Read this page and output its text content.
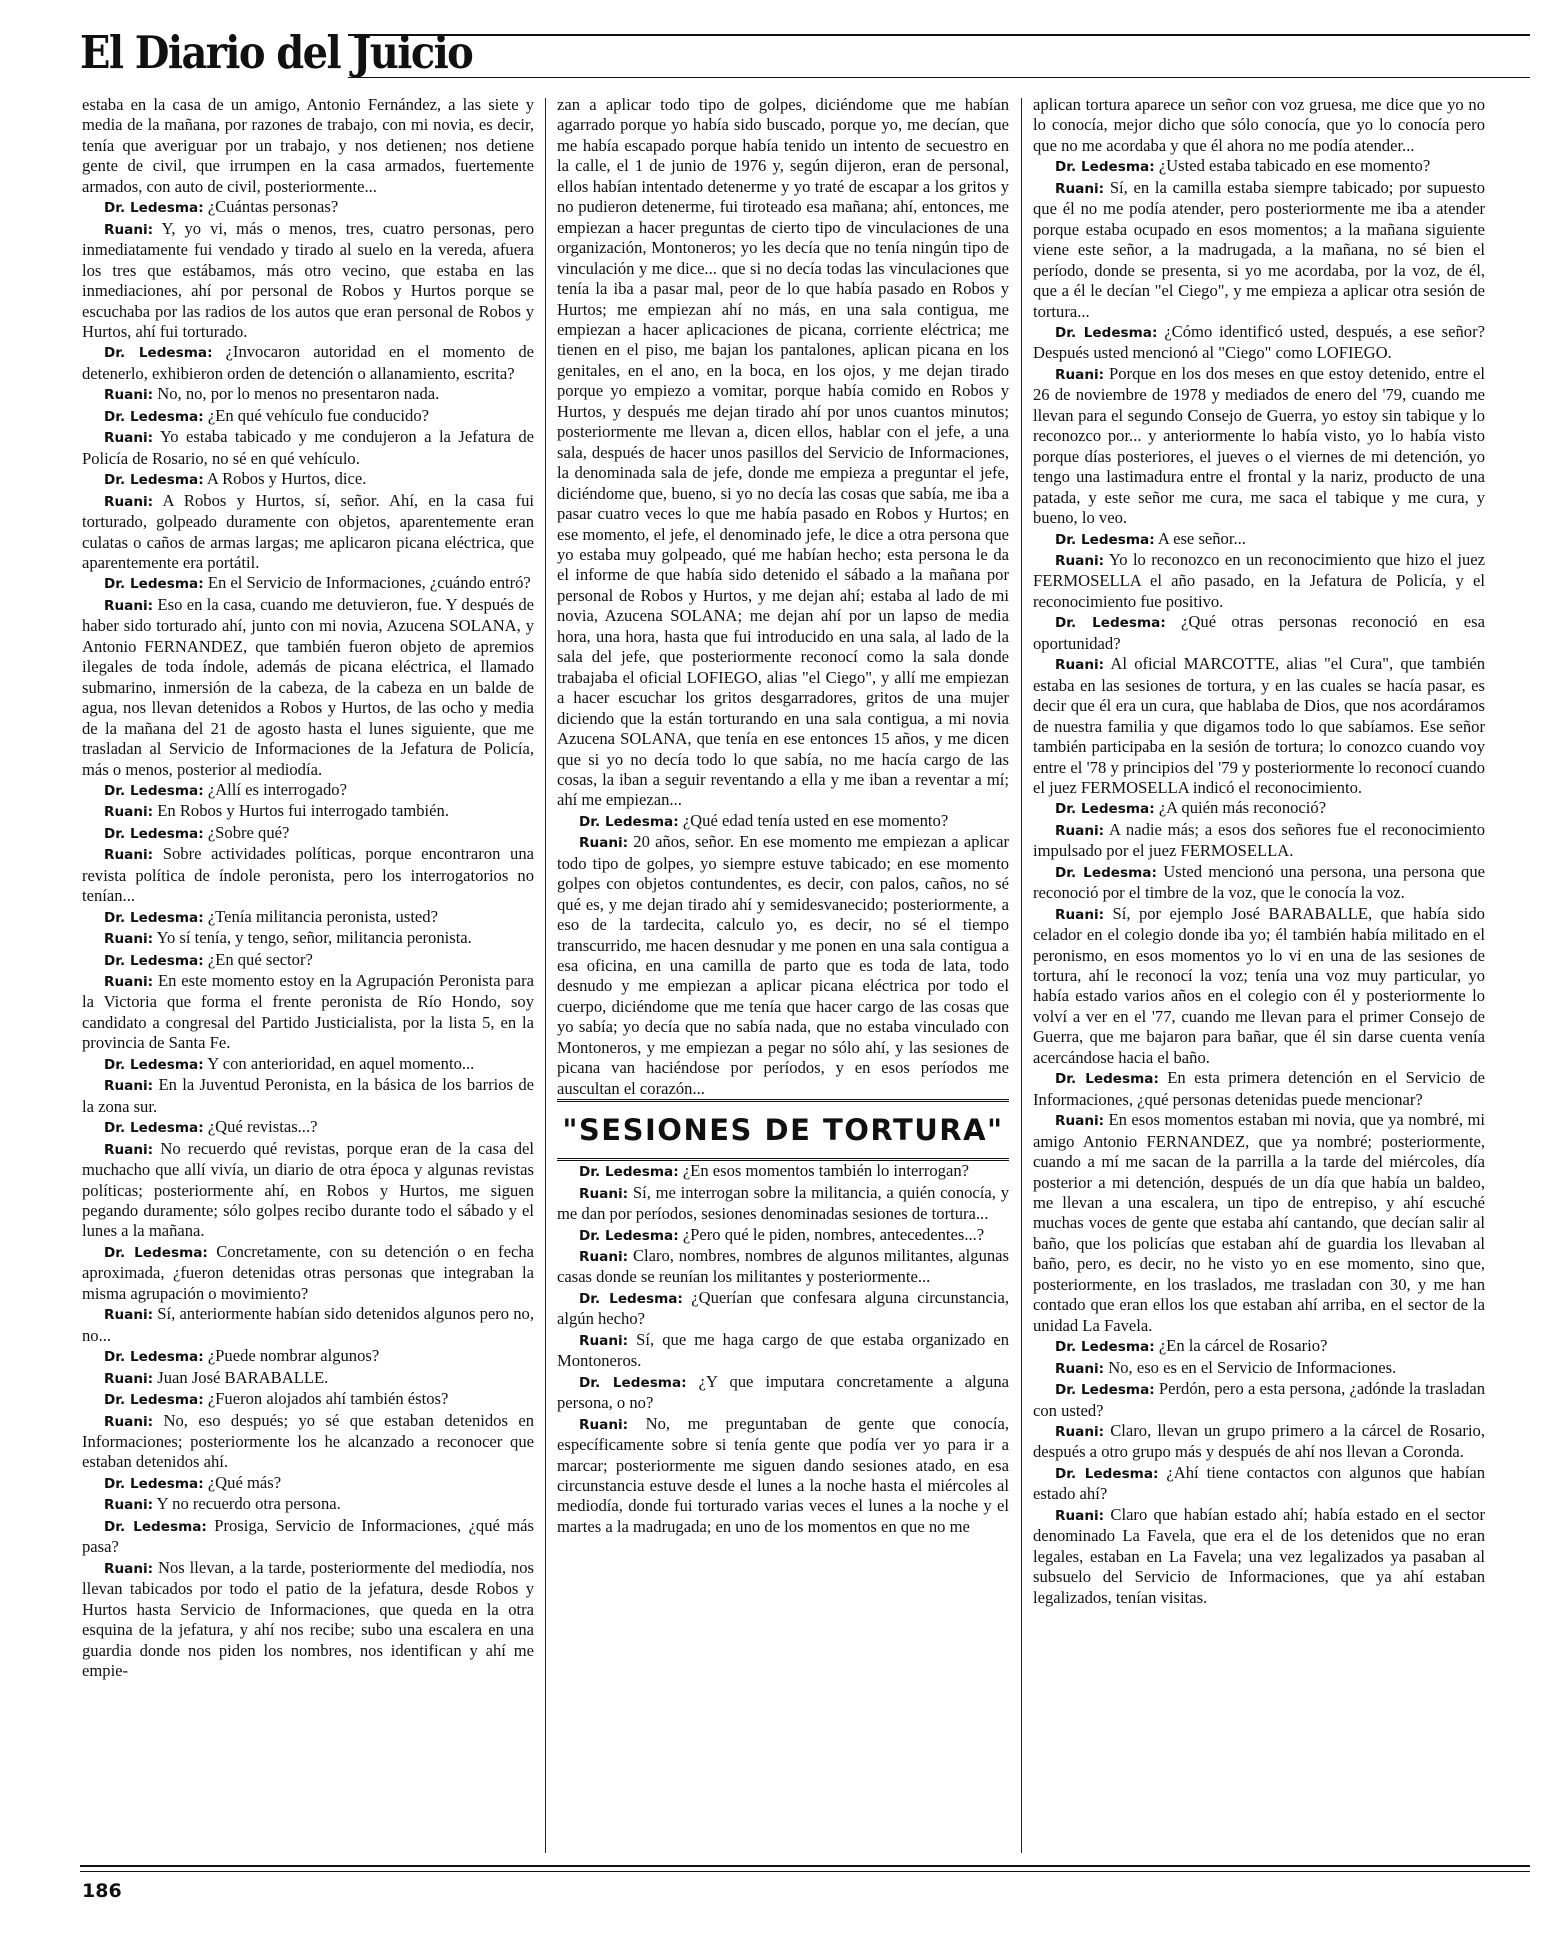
El Diario del Juicio

estaba en la casa de un amigo, Antonio Fernández, a las siete y media de la mañana, por razones de trabajo, con mi novia, es decir, tenía que averiguar por un trabajo, y nos detienen; nos detiene gente de civil, que irrumpen en la casa armados, fuertemente armados, con auto de civil, posteriormente...

Dr. Ledesma: ¿Cuántas personas?

Ruani: Y, yo vi, más o menos, tres, cuatro personas, pero inmediatamente fui vendado y tirado al suelo en la vereda, afuera los tres que estábamos, más otro vecino, que estaba en las inmediaciones, ahí por personal de Robos y Hurtos porque se escuchaba por las radios de los autos que eran personal de Robos y Hurtos, ahí fui torturado.

Dr. Ledesma: ¿Invocaron autoridad en el momento de detenerlo, exhibieron orden de detención o allanamiento, escrita?

Ruani: No, no, por lo menos no presentaron nada.

Dr. Ledesma: ¿En qué vehículo fue conducido?

Ruani: Yo estaba tabicado y me condujeron a la Jefatura de Policía de Rosario, no sé en qué vehículo.

Dr. Ledesma: A Robos y Hurtos, dice.

Ruani: A Robos y Hurtos, sí, señor. Ahí, en la casa fui torturado, golpeado duramente con objetos, aparentemente eran culatas o caños de armas largas; me aplicaron picana eléctrica, que aparentemente era portátil.

Dr. Ledesma: En el Servicio de Informaciones, ¿cuándo entró?

Ruani: Eso en la casa, cuando me detuvieron, fue. Y después de haber sido torturado ahí, junto con mi novia, Azucena SOLANA, y Antonio FERNANDEZ, que también fueron objeto de apremios ilegales de toda índole, además de picana eléctrica, el llamado submarino, inmersión de la cabeza, de la cabeza en un balde de agua, nos llevan detenidos a Robos y Hurtos, de las ocho y media de la mañana del 21 de agosto hasta el lunes siguiente, que me trasladan al Servicio de Informaciones de la Jefatura de Policía, más o menos, posterior al mediodía.

Dr. Ledesma: ¿Allí es interrogado?

Ruani: En Robos y Hurtos fui interrogado también.

Dr. Ledesma: ¿Sobre qué?

Ruani: Sobre actividades políticas, porque encontraron una revista política de índole peronista, pero los interrogatorios no tenían...

Dr. Ledesma: ¿Tenía militancia peronista, usted?

Ruani: Yo sí tenía, y tengo, señor, militancia peronista.

Dr. Ledesma: ¿En qué sector?

Ruani: En este momento estoy en la Agrupación Peronista para la Victoria que forma el frente peronista de Río Hondo, soy candidato a congresal del Partido Justicialista, por la lista 5, en la provincia de Santa Fe.

Dr. Ledesma: Y con anterioridad, en aquel momento...

Ruani: En la Juventud Peronista, en la básica de los barrios de la zona sur.

Dr. Ledesma: ¿Qué revistas...?

Ruani: No recuerdo qué revistas, porque eran de la casa del muchacho que allí vivía, un diario de otra época y algunas revistas políticas; posteriormente ahí, en Robos y Hurtos, me siguen pegando duramente; sólo golpes recibo durante todo el sábado y el lunes a la mañana.

Dr. Ledesma: Concretamente, con su detención o en fecha aproximada, ¿fueron detenidas otras personas que integraban la misma agrupación o movimiento?

Ruani: Sí, anteriormente habían sido detenidos algunos pero no, no...

Dr. Ledesma: ¿Puede nombrar algunos?

Ruani: Juan José BARABALLE.

Dr. Ledesma: ¿Fueron alojados ahí también éstos?

Ruani: No, eso después; yo sé que estaban detenidos en Informaciones; posteriormente los he alcanzado a reconocer que estaban detenidos ahí.

Dr. Ledesma: ¿Qué más?

Ruani: Y no recuerdo otra persona.

Dr. Ledesma: Prosiga, Servicio de Informaciones, ¿qué más pasa?

Ruani: Nos llevan, a la tarde, posteriormente del mediodía, nos llevan tabicados por todo el patio de la jefatura, desde Robos y Hurtos hasta Servicio de Informaciones, que queda en la otra esquina de la jefatura, y ahí nos recibe; subo una escalera en una guardia donde nos piden los nombres, nos identifican y ahí me empie-

zan a aplicar todo tipo de golpes, diciéndome que me habían agarrado porque yo había sido buscado, porque yo, me decían, que me había escapado porque había tenido un intento de secuestro en la calle, el 1 de junio de 1976 y, según dijeron, eran de personal, ellos habían intentado detenerme y yo traté de escapar a los gritos y no pudieron detenerme, fui tiroteado esa mañana; ahí, entonces, me empiezan a hacer preguntas de cierto tipo de vinculaciones de una organización, Montoneros; yo les decía que no tenía ningún tipo de vinculación y me dice... que si no decía todas las vinculaciones que tenía la iba a pasar mal, peor de lo que había pasado en Robos y Hurtos; me empiezan ahí no más, en una sala contigua, me empiezan a hacer aplicaciones de picana, corriente eléctrica; me tienen en el piso, me bajan los pantalones, aplican picana en los genitales, en el ano, en la boca, en los ojos, y me dejan tirado porque yo empiezo a vomitar, porque había comido en Robos y Hurtos, y después me dejan tirado ahí por unos cuantos minutos; posteriormente me llevan a, dicen ellos, hablar con el jefe, a una sala, después de hacer unos pasillos del Servicio de Informaciones, la denominada sala de jefe, donde me empieza a preguntar el jefe, diciéndome que, bueno, si yo no decía las cosas que sabía, me iba a pasar cuatro veces lo que me había pasado en Robos y Hurtos; en ese momento, el jefe, el denominado jefe, le dice a otra persona que yo estaba muy golpeado, qué me habían hecho; esta persona le da el informe de que había sido detenido el sábado a la mañana por personal de Robos y Hurtos, y me dejan ahí; estaba al lado de mi novia, Azucena SOLANA; me dejan ahí por un lapso de media hora, una hora, hasta que fui introducido en una sala, al lado de la sala del jefe, que posteriormente reconocí como la sala donde trabajaba el oficial LOFIEGO, alias "el Ciego", y allí me empiezan a hacer escuchar los gritos desgarradores, gritos de una mujer diciendo que la están torturando en una sala contigua, a mi novia Azucena SOLANA, que tenía en ese entonces 15 años, y me dicen que si yo no decía todo lo que sabía, no me hacía cargo de las cosas, la iban a seguir reventando a ella y me iban a reventar a mí; ahí me empiezan...

Dr. Ledesma: ¿Qué edad tenía usted en ese momento?

Ruani: 20 años, señor. En ese momento me empiezan a aplicar todo tipo de golpes, yo siempre estuve tabicado; en ese momento golpes con objetos contundentes, es decir, con palos, caños, no sé qué es, y me dejan tirado ahí y semidesvanecido; posteriormente, a eso de la tardecita, calculo yo, es decir, no sé el tiempo transcurrido, me hacen desnudar y me ponen en una sala contigua a esa oficina, en una camilla de parto que es toda de lata, todo desnudo y me empiezan a aplicar picana eléctrica por todo el cuerpo, diciéndome que me tenía que hacer cargo de las cosas que yo sabía; yo decía que no sabía nada, que no estaba vinculado con Montoneros, y me empiezan a pegar no sólo ahí, y las sesiones de picana van haciéndose por períodos, y en esos períodos me auscultan el corazón...

"SESIONES DE TORTURA"

Dr. Ledesma: ¿En esos momentos también lo interrogan?

Ruani: Sí, me interrogan sobre la militancia, a quién conocía, y me dan por períodos, sesiones denominadas sesiones de tortura...

Dr. Ledesma: ¿Pero qué le piden, nombres, antecedentes...?

Ruani: Claro, nombres, nombres de algunos militantes, algunas casas donde se reunían los militantes y posteriormente...

Dr. Ledesma: ¿Querían que confesara alguna circunstancia, algún hecho?

Ruani: Sí, que me haga cargo de que estaba organizado en Montoneros.

Dr. Ledesma: ¿Y que imputara concretamente a alguna persona, o no?

Ruani: No, me preguntaban de gente que conocía, específicamente sobre si tenía gente que podía ver yo para ir a marcar; posteriormente me siguen dando sesiones atado, en esa circunstancia estuve desde el lunes a la noche hasta el miércoles al mediodía, donde fui torturado varias veces el lunes a la noche y el martes a la madrugada; en uno de los momentos en que no me

aplican tortura aparece un señor con voz gruesa, me dice que yo no lo conocía, mejor dicho que sólo conocía, que yo lo conocía pero que no me acordaba y que él ahora no me podía atender...

Dr. Ledesma: ¿Usted estaba tabicado en ese momento?

Ruani: Sí, en la camilla estaba siempre tabicado; por supuesto que él no me podía atender, pero posteriormente me iba a atender porque estaba ocupado en esos momentos; a la mañana siguiente viene este señor, a la madrugada, a la mañana, no sé bien el período, donde se presenta, si yo me acordaba, por la voz, de él, que a él le decían "el Ciego", y me empieza a aplicar otra sesión de tortura...

Dr. Ledesma: ¿Cómo identificó usted, después, a ese señor? Después usted mencionó al "Ciego" como LOFIEGO.

Ruani: Porque en los dos meses en que estoy detenido, entre el 26 de noviembre de 1978 y mediados de enero del '79, cuando me llevan para el segundo Consejo de Guerra, yo estoy sin tabique y lo reconozco por... y anteriormente lo había visto, yo lo había visto porque días posteriores, el jueves o el viernes de mi detención, yo tengo una lastimadura entre el frontal y la nariz, producto de una patada, y este señor me cura, me saca el tabique y me cura, y bueno, lo veo.

Dr. Ledesma: A ese señor...

Ruani: Yo lo reconozco en un reconocimiento que hizo el juez FERMOSELLA el año pasado, en la Jefatura de Policía, y el reconocimiento fue positivo.

Dr. Ledesma: ¿Qué otras personas reconoció en esa oportunidad?

Ruani: Al oficial MARCOTTE, alias "el Cura", que también estaba en las sesiones de tortura, y en las cuales se hacía pasar, es decir que él era un cura, que hablaba de Dios, que nos acordáramos de nuestra familia y que digamos todo lo que sabíamos. Ese señor también participaba en la sesión de tortura; lo conozco cuando voy entre el '78 y principios del '79 y posteriormente lo reconocí cuando el juez FERMOSELLA indicó el reconocimiento.

Dr. Ledesma: ¿A quién más reconoció?

Ruani: A nadie más; a esos dos señores fue el reconocimiento impulsado por el juez FERMOSELLA.

Dr. Ledesma: Usted mencionó una persona, una persona que reconoció por el timbre de la voz, que le conocía la voz.

Ruani: Sí, por ejemplo José BARABALLE, que había sido celador en el colegio donde iba yo; él también había militado en el peronismo, en esos momentos yo lo vi en una de las sesiones de tortura, ahí le reconocí la voz; tenía una voz muy particular, yo había estado varios años en el colegio con él y posteriormente lo volví a ver en el '77, cuando me llevan para el primer Consejo de Guerra, que me bajaron para bañar, que él sin darse cuenta venía acercándose hacia el baño.

Dr. Ledesma: En esta primera detención en el Servicio de Informaciones, ¿qué personas detenidas puede mencionar?

Ruani: En esos momentos estaban mi novia, que ya nombré, mi amigo Antonio FERNANDEZ, que ya nombré; posteriormente, cuando a mí me sacan de la parrilla a la tarde del miércoles, día posterior a mi detención, después de un día que había un baldeo, me llevan a una escalera, un tipo de entrepiso, y ahí escuché muchas voces de gente que estaba ahí cantando, que decían salir al baño, que los policías que estaban ahí de guardia los llevaban al baño, pero, es decir, no he visto yo en ese momento, sino que, posteriormente, en los traslados, me trasladan con 30, y me han contado que eran ellos los que estaban ahí arriba, en el sector de la unidad La Favela.

Dr. Ledesma: ¿En la cárcel de Rosario?

Ruani: No, eso es en el Servicio de Informaciones.

Dr. Ledesma: Perdón, pero a esta persona, ¿adónde la trasladan con usted?

Ruani: Claro, llevan un grupo primero a la cárcel de Rosario, después a otro grupo más y después de ahí nos llevan a Coronda.

Dr. Ledesma: ¿Ahí tiene contactos con algunos que habían estado ahí?

Ruani: Claro que habían estado ahí; había estado en el sector denominado La Favela, que era el de los detenidos que no eran legales, estaban en La Favela; una vez legalizados ya pasaban al subsuelo del Servicio de Informaciones, que ya ahí estaban legalizados, tenían visitas.

186
